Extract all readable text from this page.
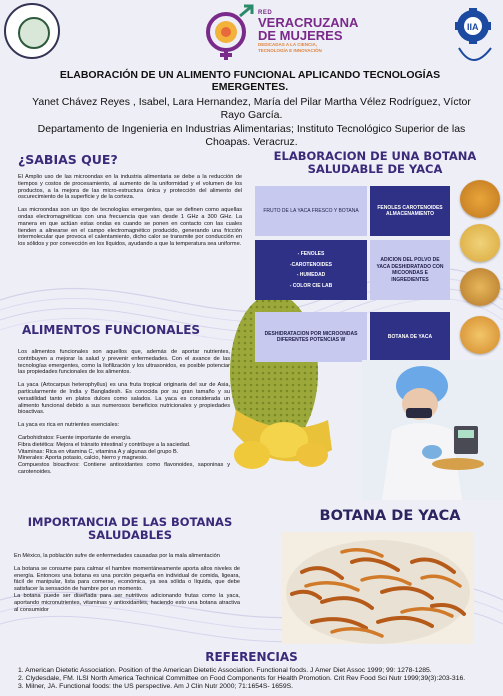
RED
VERACRUZANA
DE MUJERES
DEDICADAS A LA CIENCIA,
TECNOLOGÍA E INNOVACIÓN
IIA
ELABORACIÓN DE UN ALIMENTO FUNCIONAL APLICANDO TECNOLOGÍAS EMERGENTES.
Yanet Chávez Reyes , Isabel, Lara Hernandez, María del Pilar Martha Vélez Rodríguez, Víctor Rayo García.
Departamento de Ingenieria en Industrias Alimentarias; Instituto Tecnológico Superior de las Choapas. Veracruz.
¿SABIAS QUE?

El Amplio uso de las microondas en la industria alimentaria se debe a la reducción de tiempos y costos de procesamiento, al aumento de la uniformidad y el volumen de los productos, a la mejora de las micro-estructura única y protección del alimento del oscurecimiento de la superficie y de la corteza.

Las microondas son un tipo de tecnologías emergentes, que se definen como aquellas ondas electromagnéticas con una frecuencia que van desde 1 GHz a 300 GHz. La manera en que actúan estas ondas es cuando se ponen en contacto con las cuales tienden a alinearse en el campo electromagnético producido, generando una fricción intermolecular que provoca el calentamiento, dicho calor se transmite por conducción en los sólidos y por convección en los líquidos, ayudando a que la temperatura sea uniforme.

ALIMENTOS FUNCIONALES

Los alimentos funcionales son aquellos que, además de aportar nutrientes, contribuyen a mejorar la salud y prevenir enfermedades. Con el avance de las tecnologías emergentes, como la liofilización y los ultrasonidos, es posible potenciar las propiedades funcionales de los alimentos.

La yaca (Artocarpus heterophyllus) es una fruta tropical originaria del sur de Asia, particularmente de India y Bangladesh. Es conocida por su gran tamaño y su versatilidad tanto en platos dulces como salados. La yaca es considerada un alimento funcional debido a sus numerosos beneficios nutricionales y propiedades bioactivas.

La yaca es rica en nutrientes esenciales:

Carbohidratos: Fuente importante de energía.
Fibra dietética: Mejora el tránsito intestinal y contribuye a la saciedad.
Vitaminas: Rica en vitamina C, vitamina A y algunas del grupo B.
Minerales: Aporta potasio, calcio, hierro y magnesio.
Compuestos bioactivos: Contiene antioxidantes como flavonoides, saponinas y carotenoides.
IMPORTANCIA DE LAS BOTANAS
SALUDABLES

En México, la población sufre de enfermedades causadas por la mala alimentación

La botana se consume para calmar el hambre momentáneamente aporta altos niveles de energía. Entonces una botana es una porción pequeña en individual de comida, ligeara, fácil de manipular, lista para comerse, económica, ya sea sólida o líquida, que debe satisfacer la sensación de hambre por un momento.

La botana puede ser diseñada para ser nutritivos adicionando frutas como la yaca, aportando micronutrientes, vitaminas y antioxidantes, haciendo esto una botana atractiva al consumidor

ELABORACION DE UNA BOTANA
SALUDABLE DE YACA
FRUTO DE LA YACA FRESCO Y BOTANA
- FENOLES
-CAROTENOIDES
- HUMEDAD
- COLOR CIE LAB
DESHIDRATACION POR MICROONDAS DIFERENTES POTENCIAS W
FENOLES CAROTENOIDES ALMACENAMIENTO
ADICION DEL POLVO DE YACA DESHIDRATADO CON MICOONDAS E INGREDIENTES
BOTANA DE YACA
BOTANA DE YACA
REFERENCIAS
1. American Dietetic Association. Position of the American Dietetic Association. Functional foods. J Amer Diet Assoc 1999; 99: 1278-1285.
2. Clydesdale, FM. ILSI North America Technical Committee on Food Components for Health Promotion. Crit Rev Food Sci Nutr 1999;39(3):203-316.
3. Milner, JA. Functional foods: the US perspective. Am J Clin Nutr 2000; 71:1654S- 1659S.
